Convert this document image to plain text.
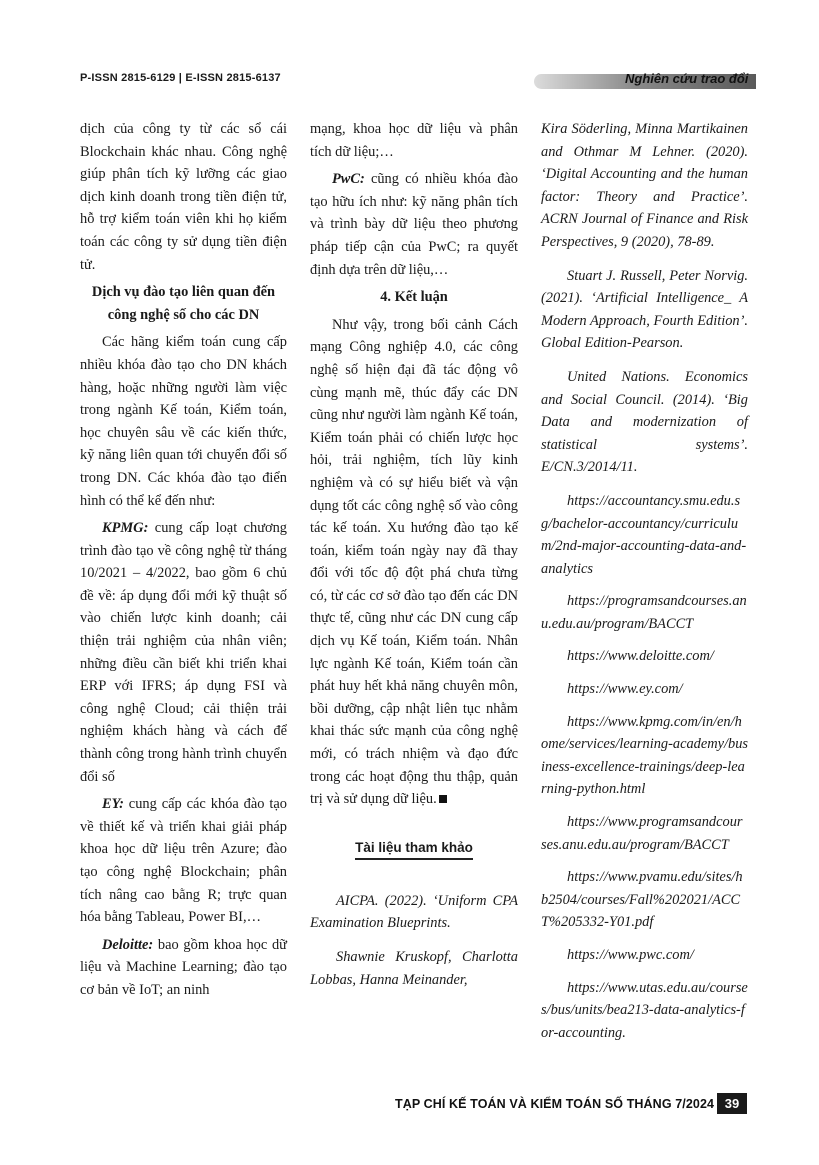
P-ISSN 2815-6129 | E-ISSN 2815-6137	Nghiên cứu trao đổi

dịch của công ty từ các sổ cái Blockchain khác nhau. Công nghệ giúp phân tích kỹ lưỡng các giao dịch kinh doanh trong tiền điện tử, hỗ trợ kiểm toán viên khi họ kiểm toán các công ty sử dụng tiền điện tử.

Dịch vụ đào tạo liên quan đến công nghệ số cho các DN

Các hãng kiểm toán cung cấp nhiều khóa đào tạo cho DN khách hàng, hoặc những người làm việc trong ngành Kế toán, Kiểm toán, học chuyên sâu về các kiến thức, kỹ năng liên quan tới chuyển đổi số trong DN. Các khóa đào tạo điển hình có thể kể đến như:

KPMG: cung cấp loạt chương trình đào tạo về công nghệ từ tháng 10/2021 – 4/2022, bao gồm 6 chủ đề về: áp dụng đổi mới kỹ thuật số vào chiến lược kinh doanh; cải thiện trải nghiệm của nhân viên; những điều cần biết khi triển khai ERP với IFRS; áp dụng FSI và công nghệ Cloud; cải thiện trải nghiệm khách hàng và cách để thành công trong hành trình chuyển đổi số

EY: cung cấp các khóa đào tạo về thiết kế và triển khai giải pháp khoa học dữ liệu trên Azure; đào tạo công nghệ Blockchain; phân tích nâng cao bằng R; trực quan hóa bằng Tableau, Power BI,…

Deloitte: bao gồm khoa học dữ liệu và Machine Learning; đào tạo cơ bản về IoT; an ninh

mạng, khoa học dữ liệu và phân tích dữ liệu;…

PwC: cũng có nhiều khóa đào tạo hữu ích như: kỹ năng phân tích và trình bày dữ liệu theo phương pháp tiếp cận của PwC; ra quyết định dựa trên dữ liệu,…

4. Kết luận

Như vậy, trong bối cảnh Cách mạng Công nghiệp 4.0, các công nghệ số hiện đại đã tác động vô cùng mạnh mẽ, thúc đẩy các DN cũng như người làm ngành Kế toán, Kiểm toán phải có chiến lược học hỏi, trải nghiệm, tích lũy kinh nghiệm và có sự hiểu biết và vận dụng tốt các công nghệ số vào công tác kế toán. Xu hướng đào tạo kế toán, kiểm toán ngày nay đã thay đổi với tốc độ đột phá chưa từng có, từ các cơ sở đào tạo đến các DN thực tế, cũng như các DN cung cấp dịch vụ Kế toán, Kiểm toán. Nhân lực ngành Kế toán, Kiểm toán cần phát huy hết khả năng chuyên môn, bồi dưỡng, cập nhật liên tục nhằm khai thác sức mạnh của công nghệ mới, có trách nhiệm và đạo đức trong các hoạt động thu thập, quản trị và sử dụng dữ liệu.

Tài liệu tham khảo

AICPA. (2022). ‘Uniform CPA Examination Blueprints.

Shawnie Kruskopf, Charlotta Lobbas, Hanna Meinander,

Kira Söderling, Minna Martikainen and Othmar M Lehner. (2020). ‘Digital Accounting and the human factor: Theory and Practice’. ACRN Journal of Finance and Risk Perspectives, 9 (2020), 78-89.

Stuart J. Russell, Peter Norvig. (2021). ‘Artificial Intelligence_ A Modern Approach, Fourth Edition’. Global Edition-Pearson.

United Nations. Economics and Social Council. (2014). ‘Big Data and modernization of statistical systems’. E/CN.3/2014/11.

https://accountancy.smu.edu.sg/bachelor-accountancy/curriculum/2nd-major-accounting-data-and-analytics

https://programsandcourses.anu.edu.au/program/BACCT

https://www.deloitte.com/

https://www.ey.com/

https://www.kpmg.com/in/en/home/services/learning-academy/business-excellence-trainings/deep-learning-python.html

https://www.programsandcourses.anu.edu.au/program/BACCT

https://www.pvamu.edu/sites/hb2504/courses/Fall%202021/ACCT%205332-Y01.pdf

https://www.pwc.com/

https://www.utas.edu.au/courses/bus/units/bea213-data-analytics-for-accounting.

TẠP CHÍ KẾ TOÁN VÀ KIỂM TOÁN SỐ THÁNG 7/2024 39
